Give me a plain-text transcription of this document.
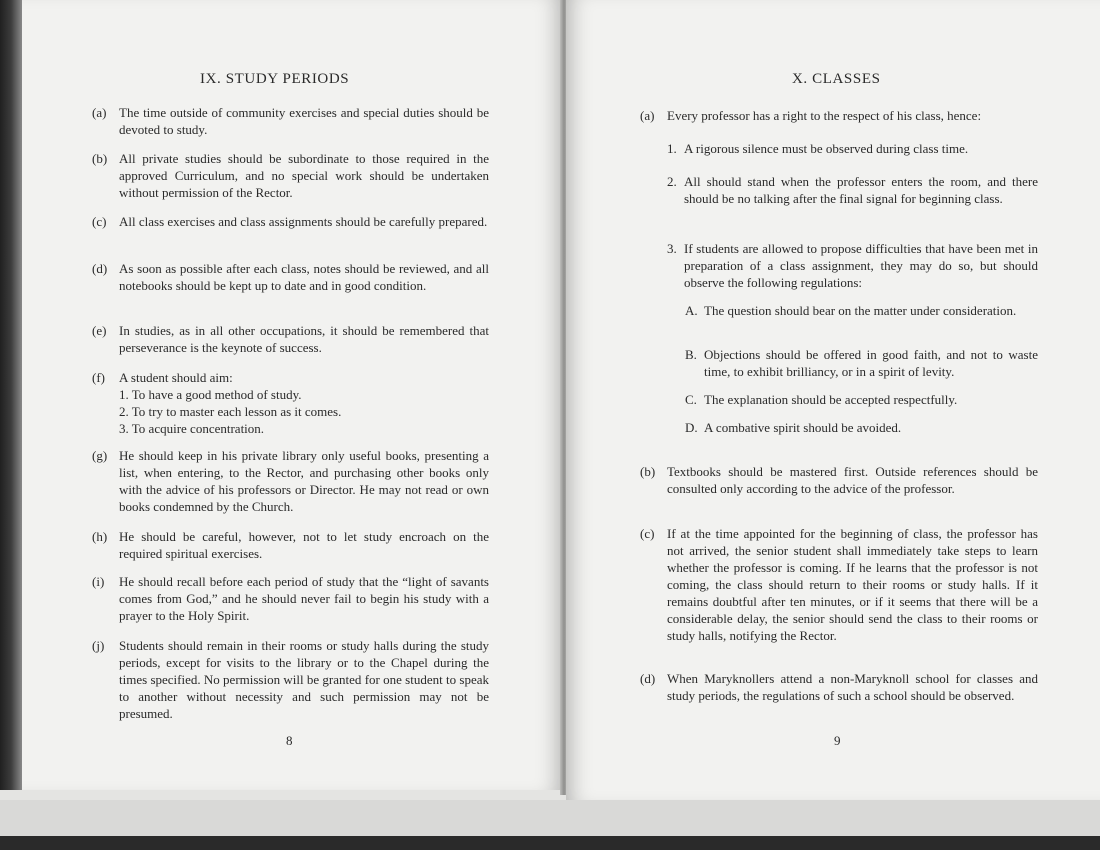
IX. STUDY PERIODS
(a) The time outside of community exercises and special duties should be devoted to study.
(b) All private studies should be subordinate to those required in the approved Curriculum, and no special work should be undertaken without permission of the Rector.
(c) All class exercises and class assignments should be carefully prepared.
(d) As soon as possible after each class, notes should be reviewed, and all notebooks should be kept up to date and in good condition.
(e) In studies, as in all other occupations, it should be remembered that perseverance is the keynote of success.
(f) A student should aim:
1. To have a good method of study.
2. To try to master each lesson as it comes.
3. To acquire concentration.
(g) He should keep in his private library only useful books, presenting a list, when entering, to the Rector, and purchasing other books only with the advice of his professors or Director. He may not read or own books condemned by the Church.
(h) He should be careful, however, not to let study encroach on the required spiritual exercises.
(i) He should recall before each period of study that the “light of savants comes from God,” and he should never fail to begin his study with a prayer to the Holy Spirit.
(j) Students should remain in their rooms or study halls during the study periods, except for visits to the library or to the Chapel during the times specified. No permission will be granted for one student to speak to another without necessity and such permission may not be presumed.
8
X. CLASSES
(a) Every professor has a right to the respect of his class, hence:
1. A rigorous silence must be observed during class time.
2. All should stand when the professor enters the room, and there should be no talking after the final signal for beginning class.
3. If students are allowed to propose difficulties that have been met in preparation of a class assignment, they may do so, but should observe the following regulations:
A. The question should bear on the matter under consideration.
B. Objections should be offered in good faith, and not to waste time, to exhibit brilliancy, or in a spirit of levity.
C. The explanation should be accepted respectfully.
D. A combative spirit should be avoided.
(b) Textbooks should be mastered first. Outside references should be consulted only according to the advice of the professor.
(c) If at the time appointed for the beginning of class, the professor has not arrived, the senior student shall immediately take steps to learn whether the professor is coming. If he learns that the professor is not coming, the class should return to their rooms or study halls. If it remains doubtful after ten minutes, or if it seems that there will be a considerable delay, the senior should send the class to their rooms or study halls, notifying the Rector.
(d) When Maryknollers attend a non-Maryknoll school for classes and study periods, the regulations of such a school should be observed.
9
